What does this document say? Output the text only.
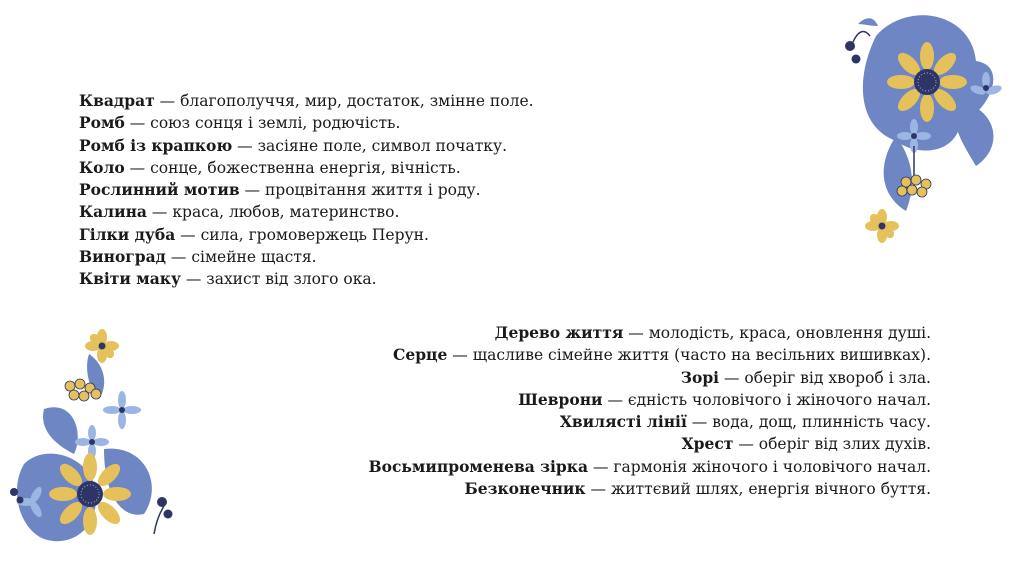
Квадрат — благополуччя, мир, достаток, змінне поле.
Ромб — союз сонця і землі, родючість.
Ромб із крапкою — засіяне поле, символ початку.
Коло — сонце, божественна енергія, вічність.
Рослинний мотив — процвітання життя і роду.
Калина — краса, любов, материнство.
Гілки дуба — сила, громовержець Перун.
Виноград — сімейне щастя.
Квіти маку — захист від злого ока.
Дерево життя — молодість, краса, оновлення душі.
Серце — щасливе сімейне життя (часто на весільних вишивках).
Зорі — оберіг від хвороб і зла.
Шеврони — єдність чоловічого і жіночого начал.
Хвилясті лінії — вода, дощ, плинність часу.
Хрест — оберіг від злих духів.
Восьмипроменева зірка — гармонія жіночого і чоловічого начал.
Безконечник — життєвий шлях, енергія вічного буття.
